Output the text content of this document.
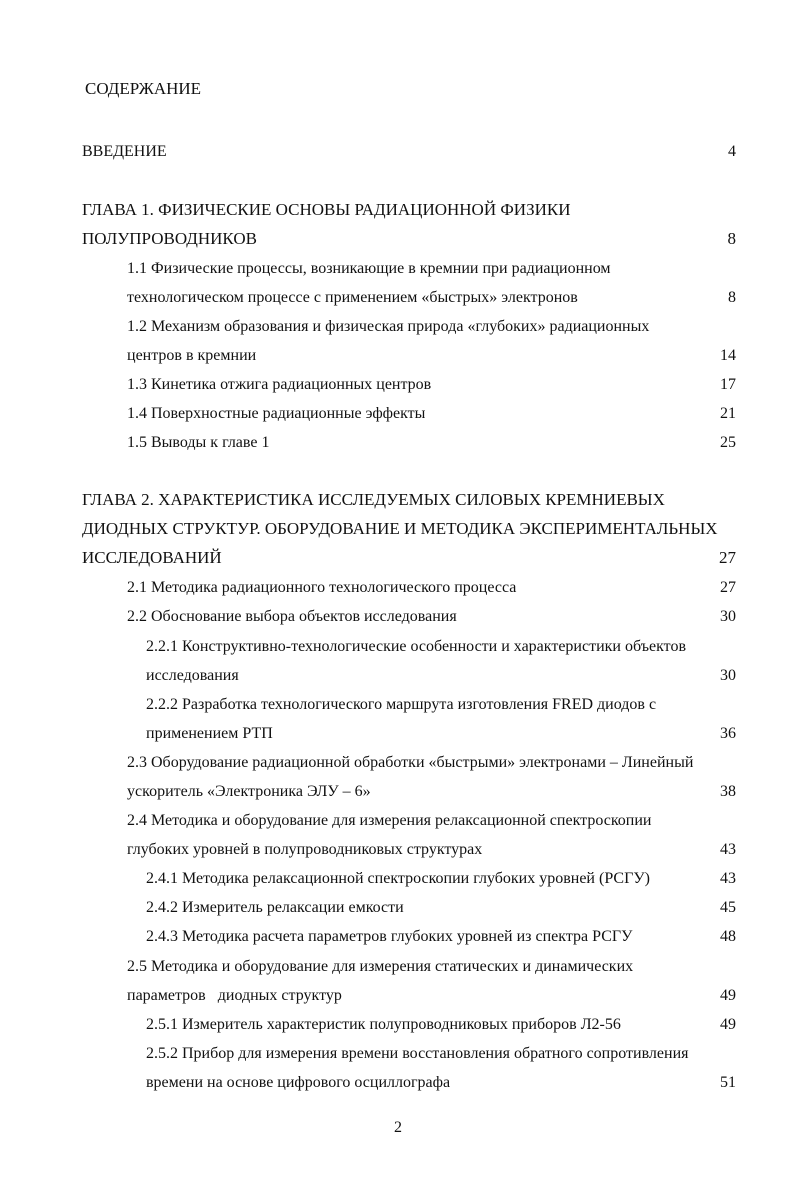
СОДЕРЖАНИЕ
ВВЕДЕНИЕ	4
ГЛАВА 1. ФИЗИЧЕСКИЕ ОСНОВЫ РАДИАЦИОННОЙ ФИЗИКИ
ПОЛУПРОВОДНИКОВ	8
1.1 Физические процессы, возникающие в кремнии при радиационном
технологическом процессе с применением «быстрых» электронов	8
1.2 Механизм образования и физическая природа «глубоких» радиационных
центров в кремнии	14
1.3 Кинетика отжига радиационных центров	17
1.4 Поверхностные радиационные эффекты	21
1.5 Выводы к главе 1	25
ГЛАВА 2. ХАРАКТЕРИСТИКА ИССЛЕДУЕМЫХ СИЛОВЫХ КРЕМНИЕВЫХ
ДИОДНЫХ СТРУКТУР. ОБОРУДОВАНИЕ И МЕТОДИКА ЭКСПЕРИМЕНТАЛЬНЫХ
ИССЛЕДОВАНИЙ	27
2.1 Методика радиационного технологического процесса	27
2.2 Обоснование выбора объектов исследования	30
2.2.1 Конструктивно-технологические особенности и характеристики объектов
исследования	30
2.2.2 Разработка технологического маршрута изготовления FRED диодов с
применением РТП	36
2.3 Оборудование радиационной обработки «быстрыми» электронами – Линейный
ускоритель «Электроника ЭЛУ – 6»	38
2.4 Методика и оборудование для измерения релаксационной спектроскопии
глубоких уровней в полупроводниковых структурах	43
2.4.1 Методика релаксационной спектроскопии глубоких уровней (РСГУ)	43
2.4.2 Измеритель релаксации емкости	45
2.4.3 Методика расчета параметров глубоких уровней из спектра РСГУ	48
2.5 Методика и оборудование для измерения статических и динамических
параметров   диодных структур	49
2.5.1 Измеритель характеристик полупроводниковых приборов Л2-56	49
2.5.2 Прибор для измерения времени восстановления обратного сопротивления
времени на основе цифрового осциллографа	51
2
